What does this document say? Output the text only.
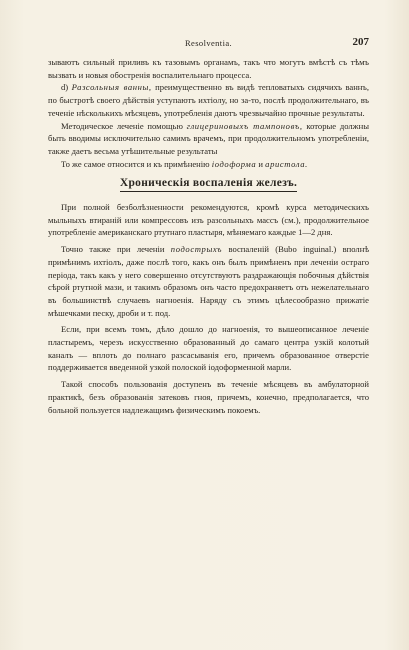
Resolventia.	207

зываютъ сильный приливъ къ тазовымъ органамъ, такъ что могутъ вмѣстѣ съ тѣмъ вызвать и новыя обостренія воспалительнаго процесса.

d) Разсольныя ванны, преимущественно въ видѣ тепловатыхъ сидячихъ ваннъ, по быстротѣ своего дѣйствія уступаютъ ихтіолу, но за-то, послѣ продолжительнаго, въ теченіе нѣсколькихъ мѣсяцевъ, употребленія даютъ чрезвычайно прочные результаты.

Методическое леченіе помощью глицериновыхъ тампоновъ, которые должны быть вводимы исключительно самимъ врачемъ, при продолжительномъ употребленіи, также даетъ весьма утѣшительные результаты

То же самое относится и къ примѣненію іодоформа и аристола.

Хроническія воспаленія железъ.

При полной безболѣзненности рекомендуются, кромѣ курса методическихъ мыльныхъ втираній или компрессовъ изъ разсольныхъ массъ (см.), продолжительное употребленіе американскаго ртутнаго пластыря, мѣняемаго каждые 1—2 дня.

Точно также при леченіи подострыхъ воспаленій (Bubo inguinal.) вполнѣ примѣнимъ ихтіолъ, даже послѣ того, какъ онъ былъ примѣненъ при леченіи остраго періода, такъ какъ у него совершенно отсутствуютъ раздражающія побочныя дѣйствія сѣрой ртутной мази, и такимъ образомъ онъ часто предохраняетъ отъ нежелательнаго въ большинствѣ случаевъ нагноенія. Наряду съ этимъ цѣлесообразно прижатіе мѣшечками песку, дроби и т. под.

Если, при всемъ томъ, дѣло дошло до нагноенія, то вышеописанное леченіе пластыремъ, черезъ искусственно образованный до самаго центра узкій колотый каналъ — вплоть до полнаго разсасыванія его, причемъ образованное отверстіе поддерживается введенной узкой полоской іодоформенной марли.

Такой способъ пользованія доступенъ въ теченіе мѣсяцевъ въ амбулаторной практикѣ, безъ образованія затековъ гноя, причемъ, конечно, предполагается, что больной пользуется надлежащимъ физическимъ покоемъ.
